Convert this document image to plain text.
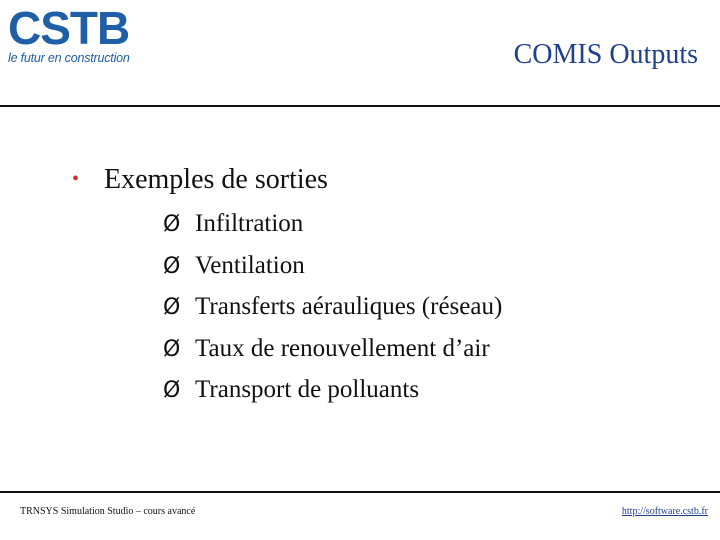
CSTB
le futur en construction	COMIS Outputs
• Exemples de sorties
Ø Infiltration
Ø Ventilation
Ø Transferts aérauliques (réseau)
Ø Taux de renouvellement d’air
Ø Transport de polluants
TRNSYS Simulation Studio – cours avancé	http://software.cstb.fr
